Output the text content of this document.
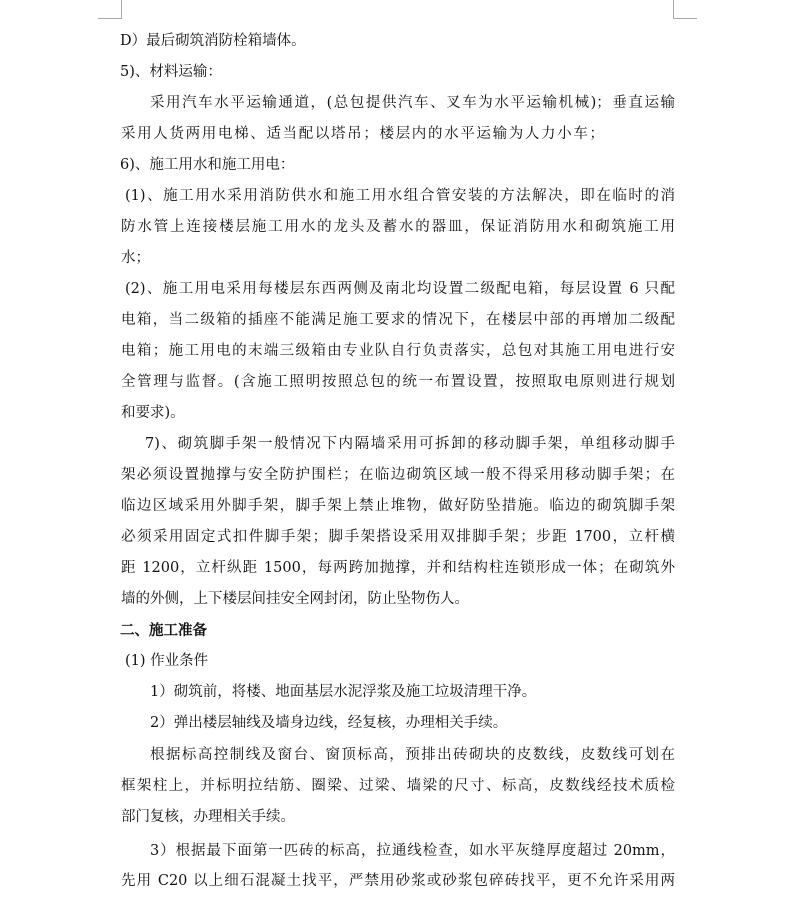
D）最后砌筑消防栓箱墙体。
5)、材料运输：
采用汽车水平运输通道，(总包提供汽车、叉车为水平运输机械)；垂直运输
采用人货两用电梯、适当配以塔吊；楼层内的水平运输为人力小车；
6)、施工用水和施工用电：
(1)、施工用水采用消防供水和施工用水组合管安装的方法解决，即在临时的消
防水管上连接楼层施工用水的龙头及蓄水的器皿，保证消防用水和砌筑施工用
水；
(2)、施工用电采用每楼层东西两侧及南北均设置二级配电箱，每层设置 6 只配
电箱，当二级箱的插座不能满足施工要求的情况下，在楼层中部的再增加二级配
电箱；施工用电的末端三级箱由专业队自行负责落实，总包对其施工用电进行安
全管理与监督。(含施工照明按照总包的统一布置设置，按照取电原则进行规划
和要求)。
7)、砌筑脚手架一般情况下内隔墙采用可拆卸的移动脚手架，单组移动脚手
架必须设置抛撑与安全防护围栏；在临边砌筑区域一般不得采用移动脚手架；在
临边区域采用外脚手架，脚手架上禁止堆物，做好防坠措施。临边的砌筑脚手架
必须采用固定式扣件脚手架；脚手架搭设采用双排脚手架；步距 1700，立杆横
距 1200，立杆纵距 1500，每两跨加抛撑，并和结构柱连锁形成一体；在砌筑外
墙的外侧，上下楼层间挂安全网封闭，防止坠物伤人。
二、施工准备
(1) 作业条件
1）砌筑前，将楼、地面基层水泥浮浆及施工垃圾清理干净。
2）弹出楼层轴线及墙身边线，经复核，办理相关手续。
根据标高控制线及窗台、窗顶标高，预排出砖砌块的皮数线，皮数线可划在
框架柱上，并标明拉结筋、圈梁、过梁、墙梁的尺寸、标高，皮数线经技术质检
部门复核，办理相关手续。
3）根据最下面第一匹砖的标高，拉通线检查，如水平灰缝厚度超过 20mm，
先用 C20 以上细石混凝土找平，严禁用砂浆或砂浆包碎砖找平，更不允许采用两
